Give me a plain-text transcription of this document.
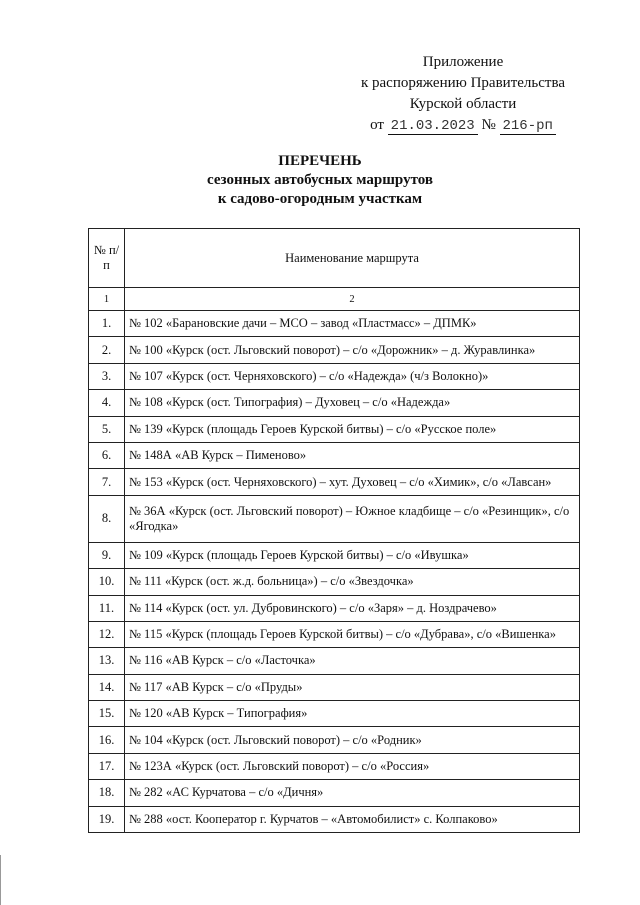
Приложение
к распоряжению Правительства
Курской области
от 21.03.2023 № 216-рп
ПЕРЕЧЕНЬ
сезонных автобусных маршрутов
к садово-огородным участкам
№ п/п	Наименование маршрута
1	2
1.	№ 102 «Барановские дачи – МСО – завод «Пластмасс» – ДПМК»
2.	№ 100 «Курск (ост. Льговский поворот) – с/о «Дорожник» – д. Журавлинка»
3.	№ 107 «Курск (ост. Черняховского) – с/о «Надежда» (ч/з Волокно)»
4.	№ 108 «Курск (ост. Типография) – Духовец – с/о «Надежда»
5.	№ 139 «Курск (площадь Героев Курской битвы) – с/о «Русское поле»
6.	№ 148А «АВ Курск – Пименово»
7.	№ 153 «Курск (ост. Черняховского) – хут. Духовец – с/о «Химик», с/о «Лавсан»
8.	№ 36А «Курск (ост. Льговский поворот) – Южное кладбище – с/о «Резинщик», с/о «Ягодка»
9.	№ 109 «Курск (площадь Героев Курской битвы) – с/о «Ивушка»
10.	№ 111 «Курск (ост. ж.д. больница») – с/о «Звездочка»
11.	№ 114 «Курск (ост. ул. Дубровинского) – с/о «Заря» – д. Ноздрачево»
12.	№ 115 «Курск (площадь Героев Курской битвы) – с/о «Дубрава», с/о «Вишенка»
13.	№ 116 «АВ Курск – с/о «Ласточка»
14.	№ 117 «АВ Курск – с/о «Пруды»
15.	№ 120 «АВ Курск – Типография»
16.	№ 104 «Курск (ост. Льговский поворот) – с/о «Родник»
17.	№ 123А «Курск (ост. Льговский поворот) – с/о «Россия»
18.	№ 282 «АС Курчатова – с/о «Дичня»
19.	№ 288 «ост. Кооператор г. Курчатов – «Автомобилист» с. Колпаково»
